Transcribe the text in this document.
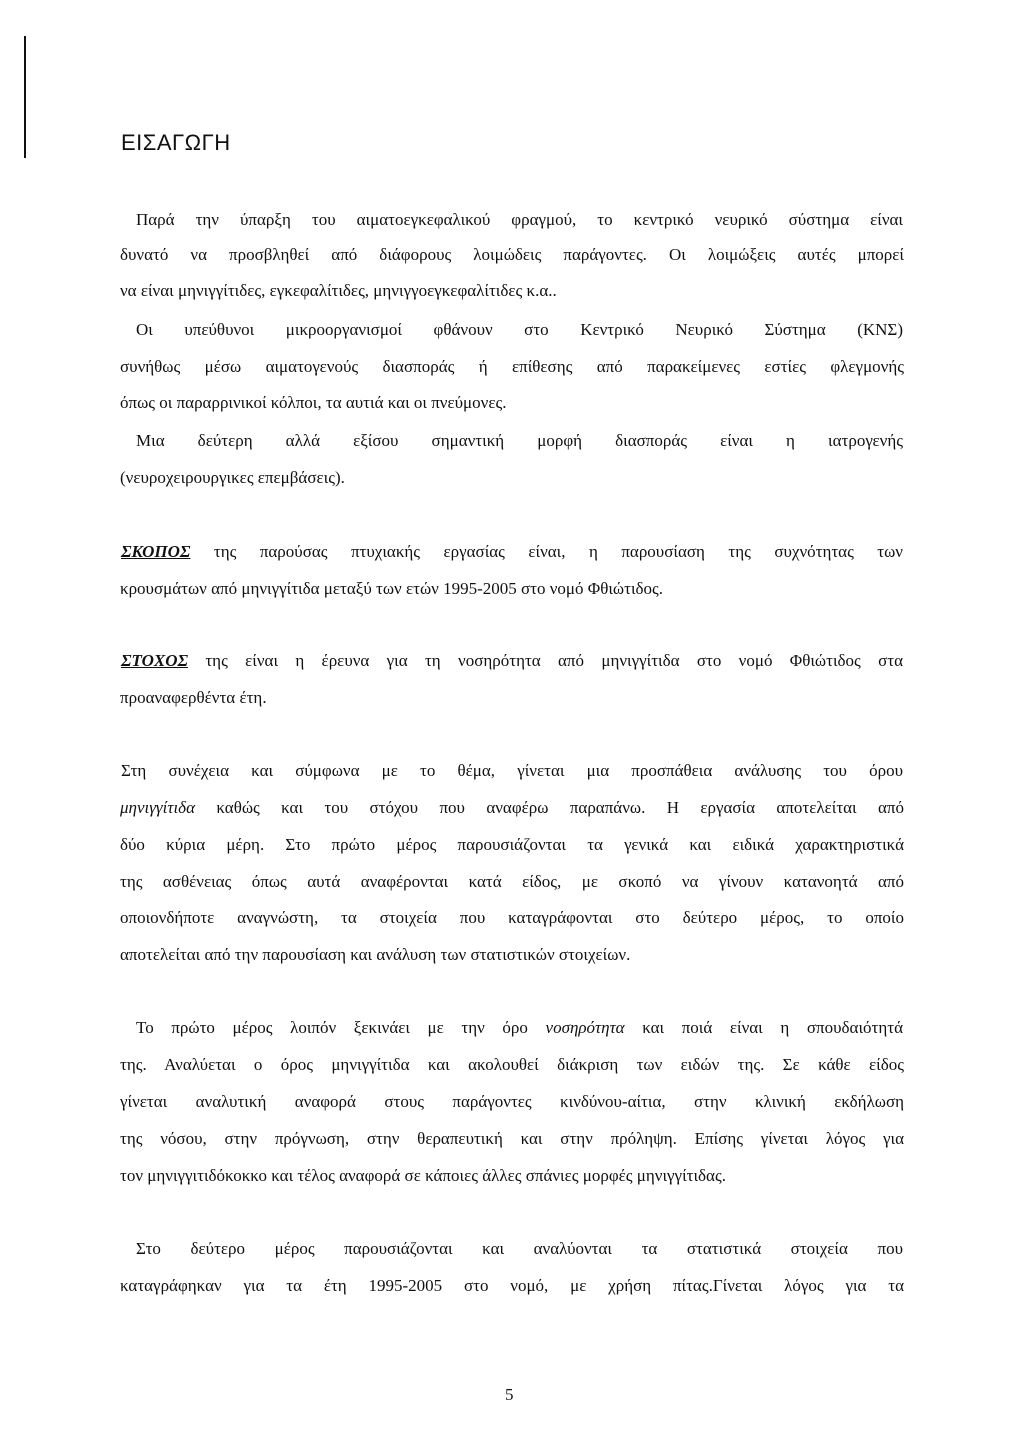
ΕΙΣΑΓΩΓΗ
Παρά την ύπαρξη του αιματοεγκεφαλικού φραγμού, το κεντρικό νευρικό σύστημα είναι
δυνατό να προσβληθεί από διάφορους λοιμώδεις παράγοντες. Οι λοιμώξεις αυτές μπορεί
να είναι μηνιγγίτιδες, εγκεφαλίτιδες, μηνιγγοεγκεφαλίτιδες κ.α..
Οι υπεύθυνοι μικροοργανισμοί φθάνουν στο Κεντρικό Νευρικό Σύστημα (ΚΝΣ)
συνήθως μέσω αιματογενούς διασποράς ή επίθεσης από παρακείμενες εστίες φλεγμονής
όπως οι παραρρινικοί κόλποι, τα αυτιά και οι πνεύμονες.
Μια δεύτερη αλλά εξίσου σημαντική μορφή διασποράς είναι η ιατρογενής
(νευροχειρουργικες επεμβάσεις).
ΣΚΟΠΟΣ της παρούσας πτυχιακής εργασίας είναι, η παρουσίαση της συχνότητας των
κρουσμάτων από μηνιγγίτιδα μεταξύ των ετών 1995-2005 στο νομό Φθιώτιδος.
ΣΤΟΧΟΣ της είναι η έρευνα για τη νοσηρότητα από μηνιγγίτιδα στο νομό Φθιώτιδος στα
προαναφερθέντα έτη.
Στη συνέχεια και σύμφωνα με το θέμα, γίνεται μια προσπάθεια ανάλυσης του όρου
μηνιγγίτιδα καθώς και του στόχου που αναφέρω παραπάνω. Η εργασία αποτελείται από
δύο κύρια μέρη. Στο πρώτο μέρος παρουσιάζονται τα γενικά και ειδικά χαρακτηριστικά
της ασθένειας όπως αυτά αναφέρονται κατά είδος, με σκοπό να γίνουν κατανοητά από
οποιονδήποτε αναγνώστη, τα στοιχεία που καταγράφονται στο δεύτερο μέρος, το οποίο
αποτελείται από την παρουσίαση και ανάλυση των στατιστικών στοιχείων.
Το πρώτο μέρος λοιπόν ξεκινάει με την όρο νοσηρότητα και ποιά είναι η σπουδαιότητά
της. Αναλύεται ο όρος μηνιγγίτιδα και ακολουθεί διάκριση των ειδών της. Σε κάθε είδος
γίνεται αναλυτική αναφορά στους παράγοντες κινδύνου-αίτια, στην κλινική εκδήλωση
της νόσου, στην πρόγνωση, στην θεραπευτική και στην πρόληψη. Επίσης γίνεται λόγος για
τον μηνιγγιτιδόκοκκο και τέλος αναφορά σε κάποιες άλλες σπάνιες μορφές μηνιγγίτιδας.
Στο δεύτερο μέρος παρουσιάζονται και αναλύονται τα στατιστικά στοιχεία που
καταγράφηκαν για τα έτη 1995-2005 στο νομό, με χρήση πίτας.Γίνεται λόγος για τα
5
